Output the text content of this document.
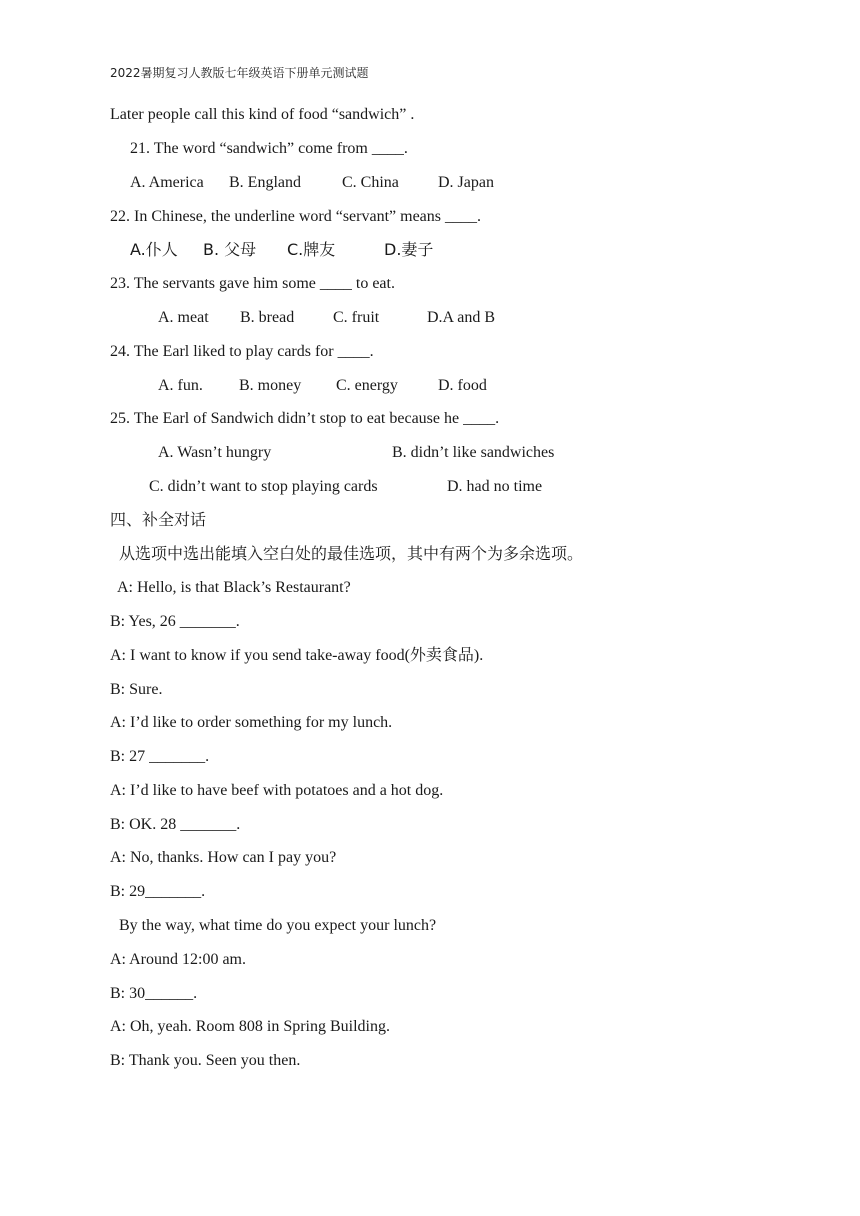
2022暑期复习人教版七年级英语下册单元测试题
Later people call this kind of food “sandwich” .
21. The word “sandwich” come from ____.
A. America B. England	C. China D. Japan
22. In Chinese, the underline word “servant” means ____.
A.仆人 B. 父母 C.牌友	D.妻子
23. The servants gave him some ____ to eat.
A. meat B. bread C. fruit	D.A and B
24. The Earl liked to play cards for ____.
A. fun. B. money C. energy	D. food
25. The Earl of Sandwich didn’t stop to eat because he ____.
A. Wasn’t hungry	B. didn’t like sandwiches
C. didn’t want to stop playing cards	D. had no time
四、补全对话
从选项中选出能填入空白处的最佳选项，其中有两个为多余选项。
A: Hello, is that Black’s Restaurant?
B: Yes, 26 _______.
A: I want to know if you send take-away food(外卖食品).
B: Sure.
A: I’d like to order something for my lunch.
B: 27 _______.
A: I’d like to have beef with potatoes and a hot dog.
B: OK. 28 _______.
A: No, thanks. How can I pay you?
B: 29_______.
By the way, what time do you expect your lunch?
A: Around 12:00 am.
B: 30______.
A: Oh, yeah. Room 808 in Spring Building.
B: Thank you. Seen you then.
